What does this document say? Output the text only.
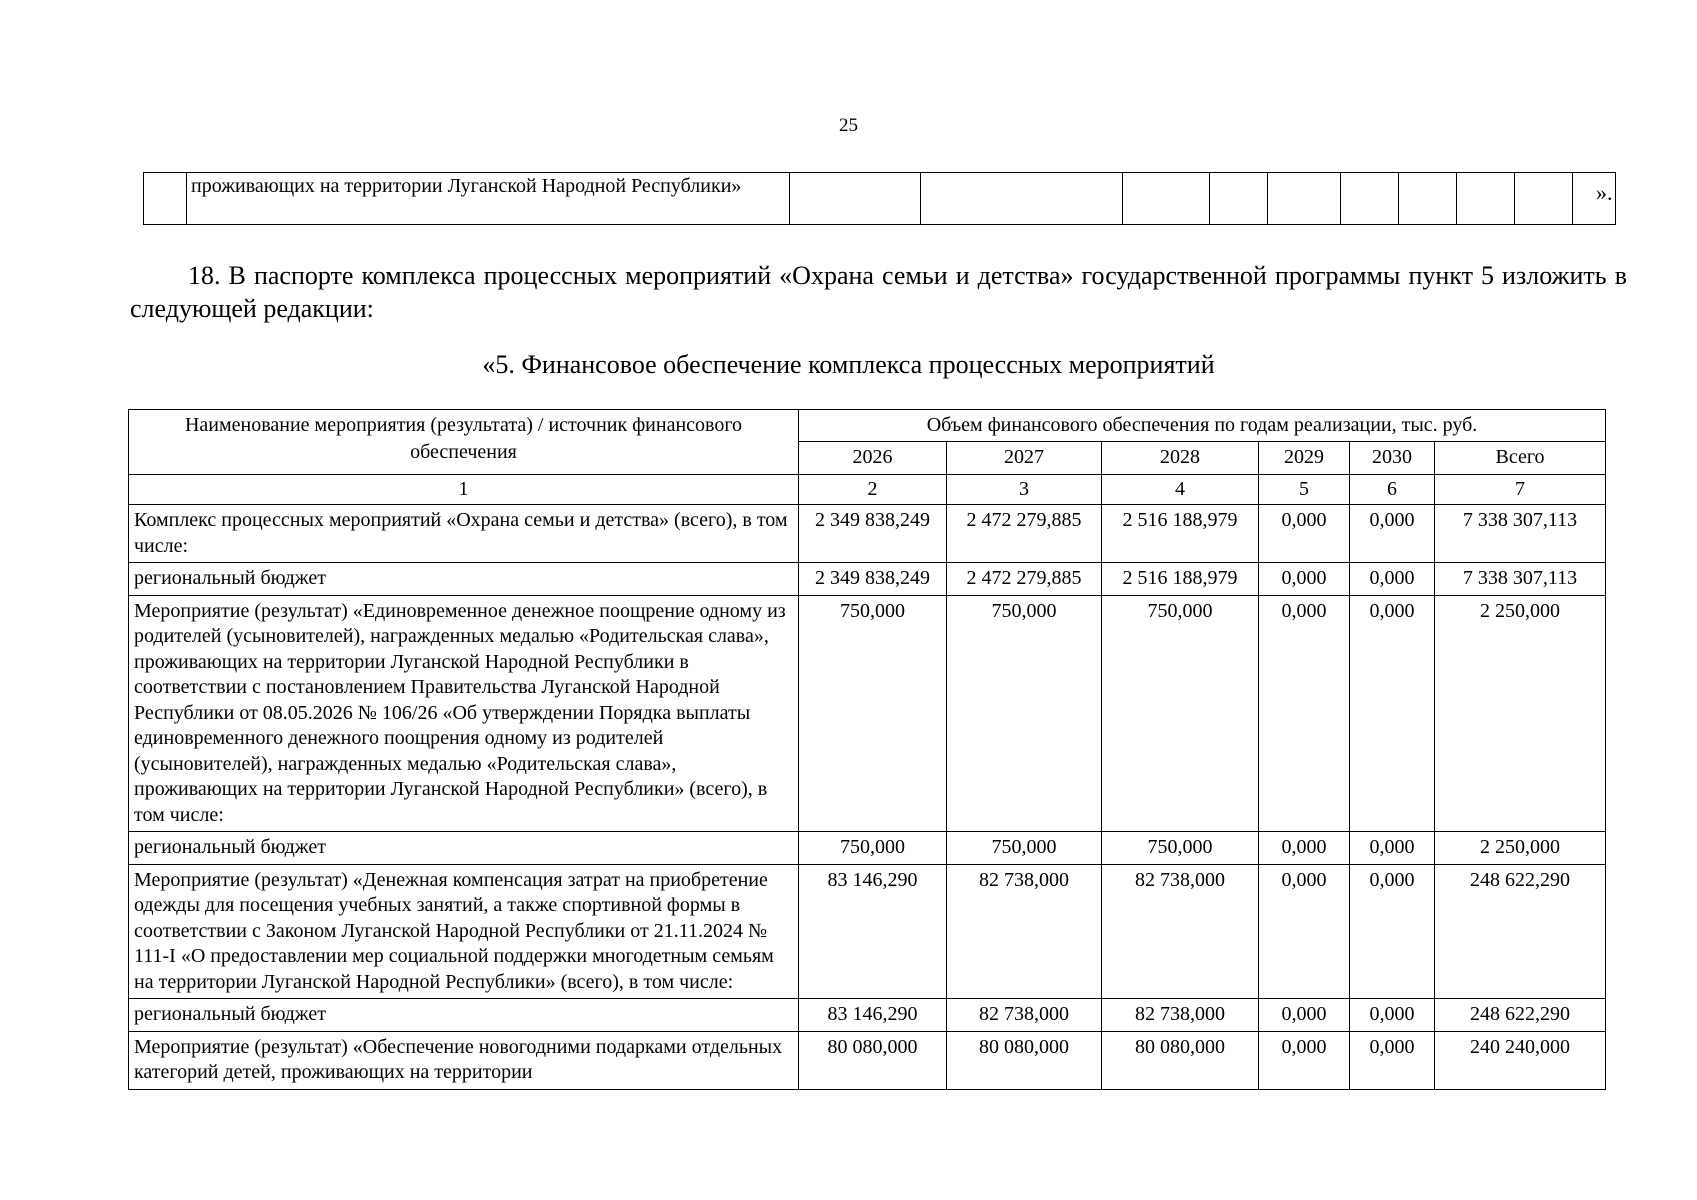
25
	проживающих на территории Луганской Народной Республики»											».
18. В паспорте комплекса процессных мероприятий «Охрана семьи и детства» государственной программы пункт 5 изложить в следующей редакции:
«5. Финансовое обеспечение комплекса процессных мероприятий
Наименование мероприятия (результата) / источник финансового обеспечения	Объем финансового обеспечения по годам реализации, тыс. руб.					
	2026	2027	2028	2029	2030	Всего
1	2	3	4	5	6	7
Комплекс процессных мероприятий «Охрана семьи и детства» (всего), в том числе:	2 349 838,249	2 472 279,885	2 516 188,979	0,000	0,000	7 338 307,113
региональный бюджет	2 349 838,249	2 472 279,885	2 516 188,979	0,000	0,000	7 338 307,113
Мероприятие (результат) «Единовременное денежное поощрение одному из родителей (усыновителей), награжденных медалью «Родительская слава», проживающих на территории Луганской Народной Республики в соответствии с постановлением Правительства Луганской Народной Республики от 08.05.2026 № 106/26 «Об утверждении Порядка выплаты единовременного денежного поощрения одному из родителей (усыновителей), награжденных медалью «Родительская слава», проживающих на территории Луганской Народной Республики» (всего), в том числе:	750,000	750,000	750,000	0,000	0,000	2 250,000
региональный бюджет	750,000	750,000	750,000	0,000	0,000	2 250,000
Мероприятие (результат) «Денежная компенсация затрат на приобретение одежды для посещения учебных занятий, а также спортивной формы в соответствии с Законом Луганской Народной Республики от 21.11.2024 № 111-I «О предоставлении мер социальной поддержки многодетным семьям на территории Луганской Народной Республики» (всего), в том числе:	83 146,290	82 738,000	82 738,000	0,000	0,000	248 622,290
региональный бюджет	83 146,290	82 738,000	82 738,000	0,000	0,000	248 622,290
Мероприятие (результат) «Обеспечение новогодними подарками отдельных категорий детей, проживающих на территории	80 080,000	80 080,000	80 080,000	0,000	0,000	240 240,000
